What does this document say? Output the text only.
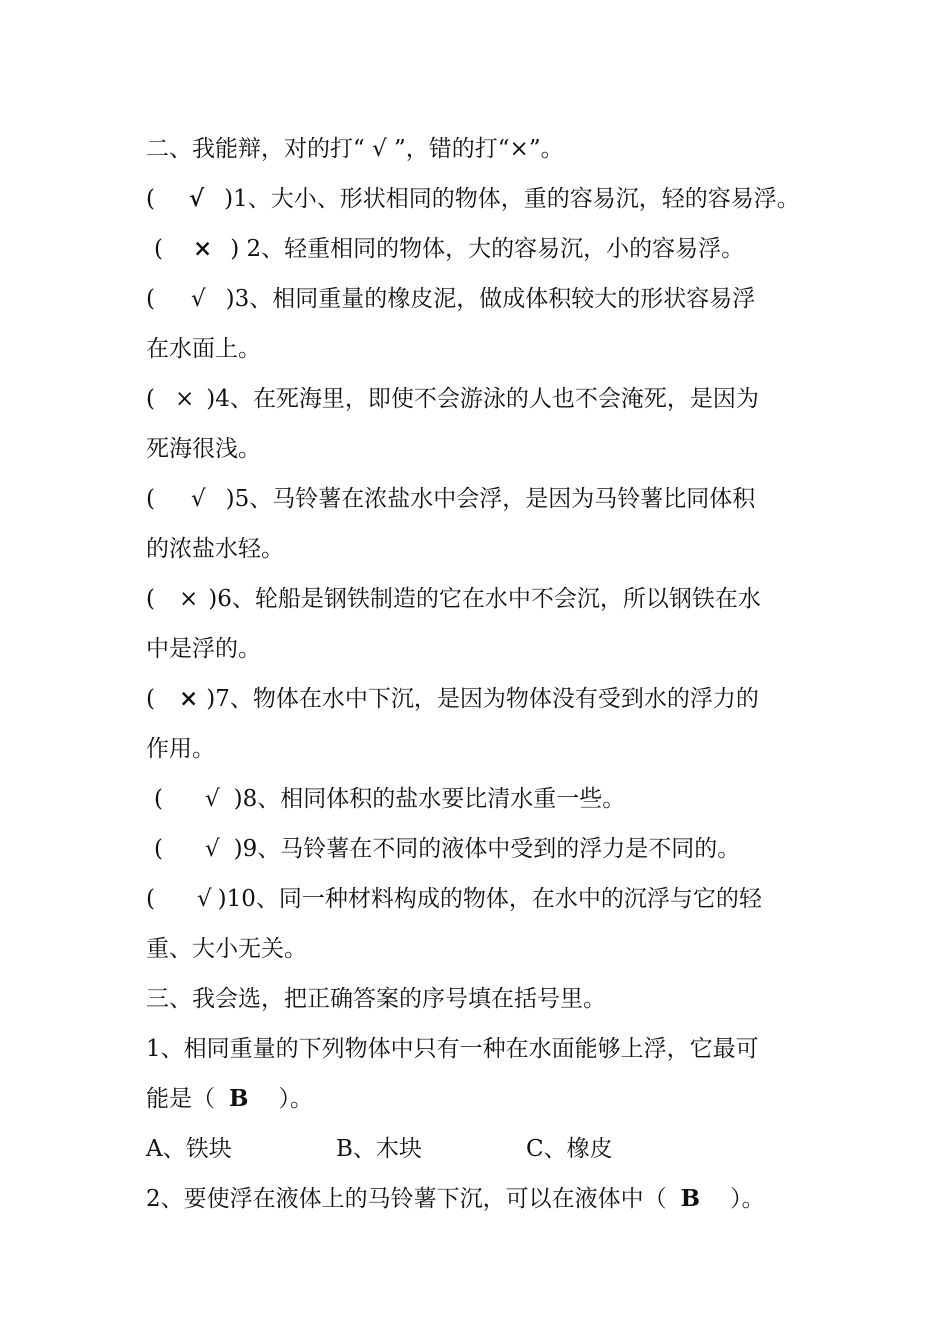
二、我能辩，对的打“ √ ”，错的打“×”。
( √ )1、大小、形状相同的物体，重的容易沉，轻的容易浮。
( × ) 2、轻重相同的物体，大的容易沉，小的容易浮。
( √ )3、相同重量的橡皮泥，做成体积较大的形状容易浮
在水面上。
( × )4、在死海里，即使不会游泳的人也不会淹死，是因为
死海很浅。
( √ )5、马铃薯在浓盐水中会浮，是因为马铃薯比同体积
的浓盐水轻。
( × )6、轮船是钢铁制造的它在水中不会沉，所以钢铁在水
中是浮的。
( × )7、物体在水中下沉，是因为物体没有受到水的浮力的
作用。
( √ )8、相同体积的盐水要比清水重一些。
( √ )9、马铃薯在不同的液体中受到的浮力是不同的。
( √ )10、同一种材料构成的物体，在水中的沉浮与它的轻
重、大小无关。
三、我会选，把正确答案的序号填在括号里。
1、相同重量的下列物体中只有一种在水面能够上浮，它最可
能是（ B ）。
A、铁块	B、木块	C、橡皮
2、要使浮在液体上的马铃薯下沉，可以在液体中（ B ）。
